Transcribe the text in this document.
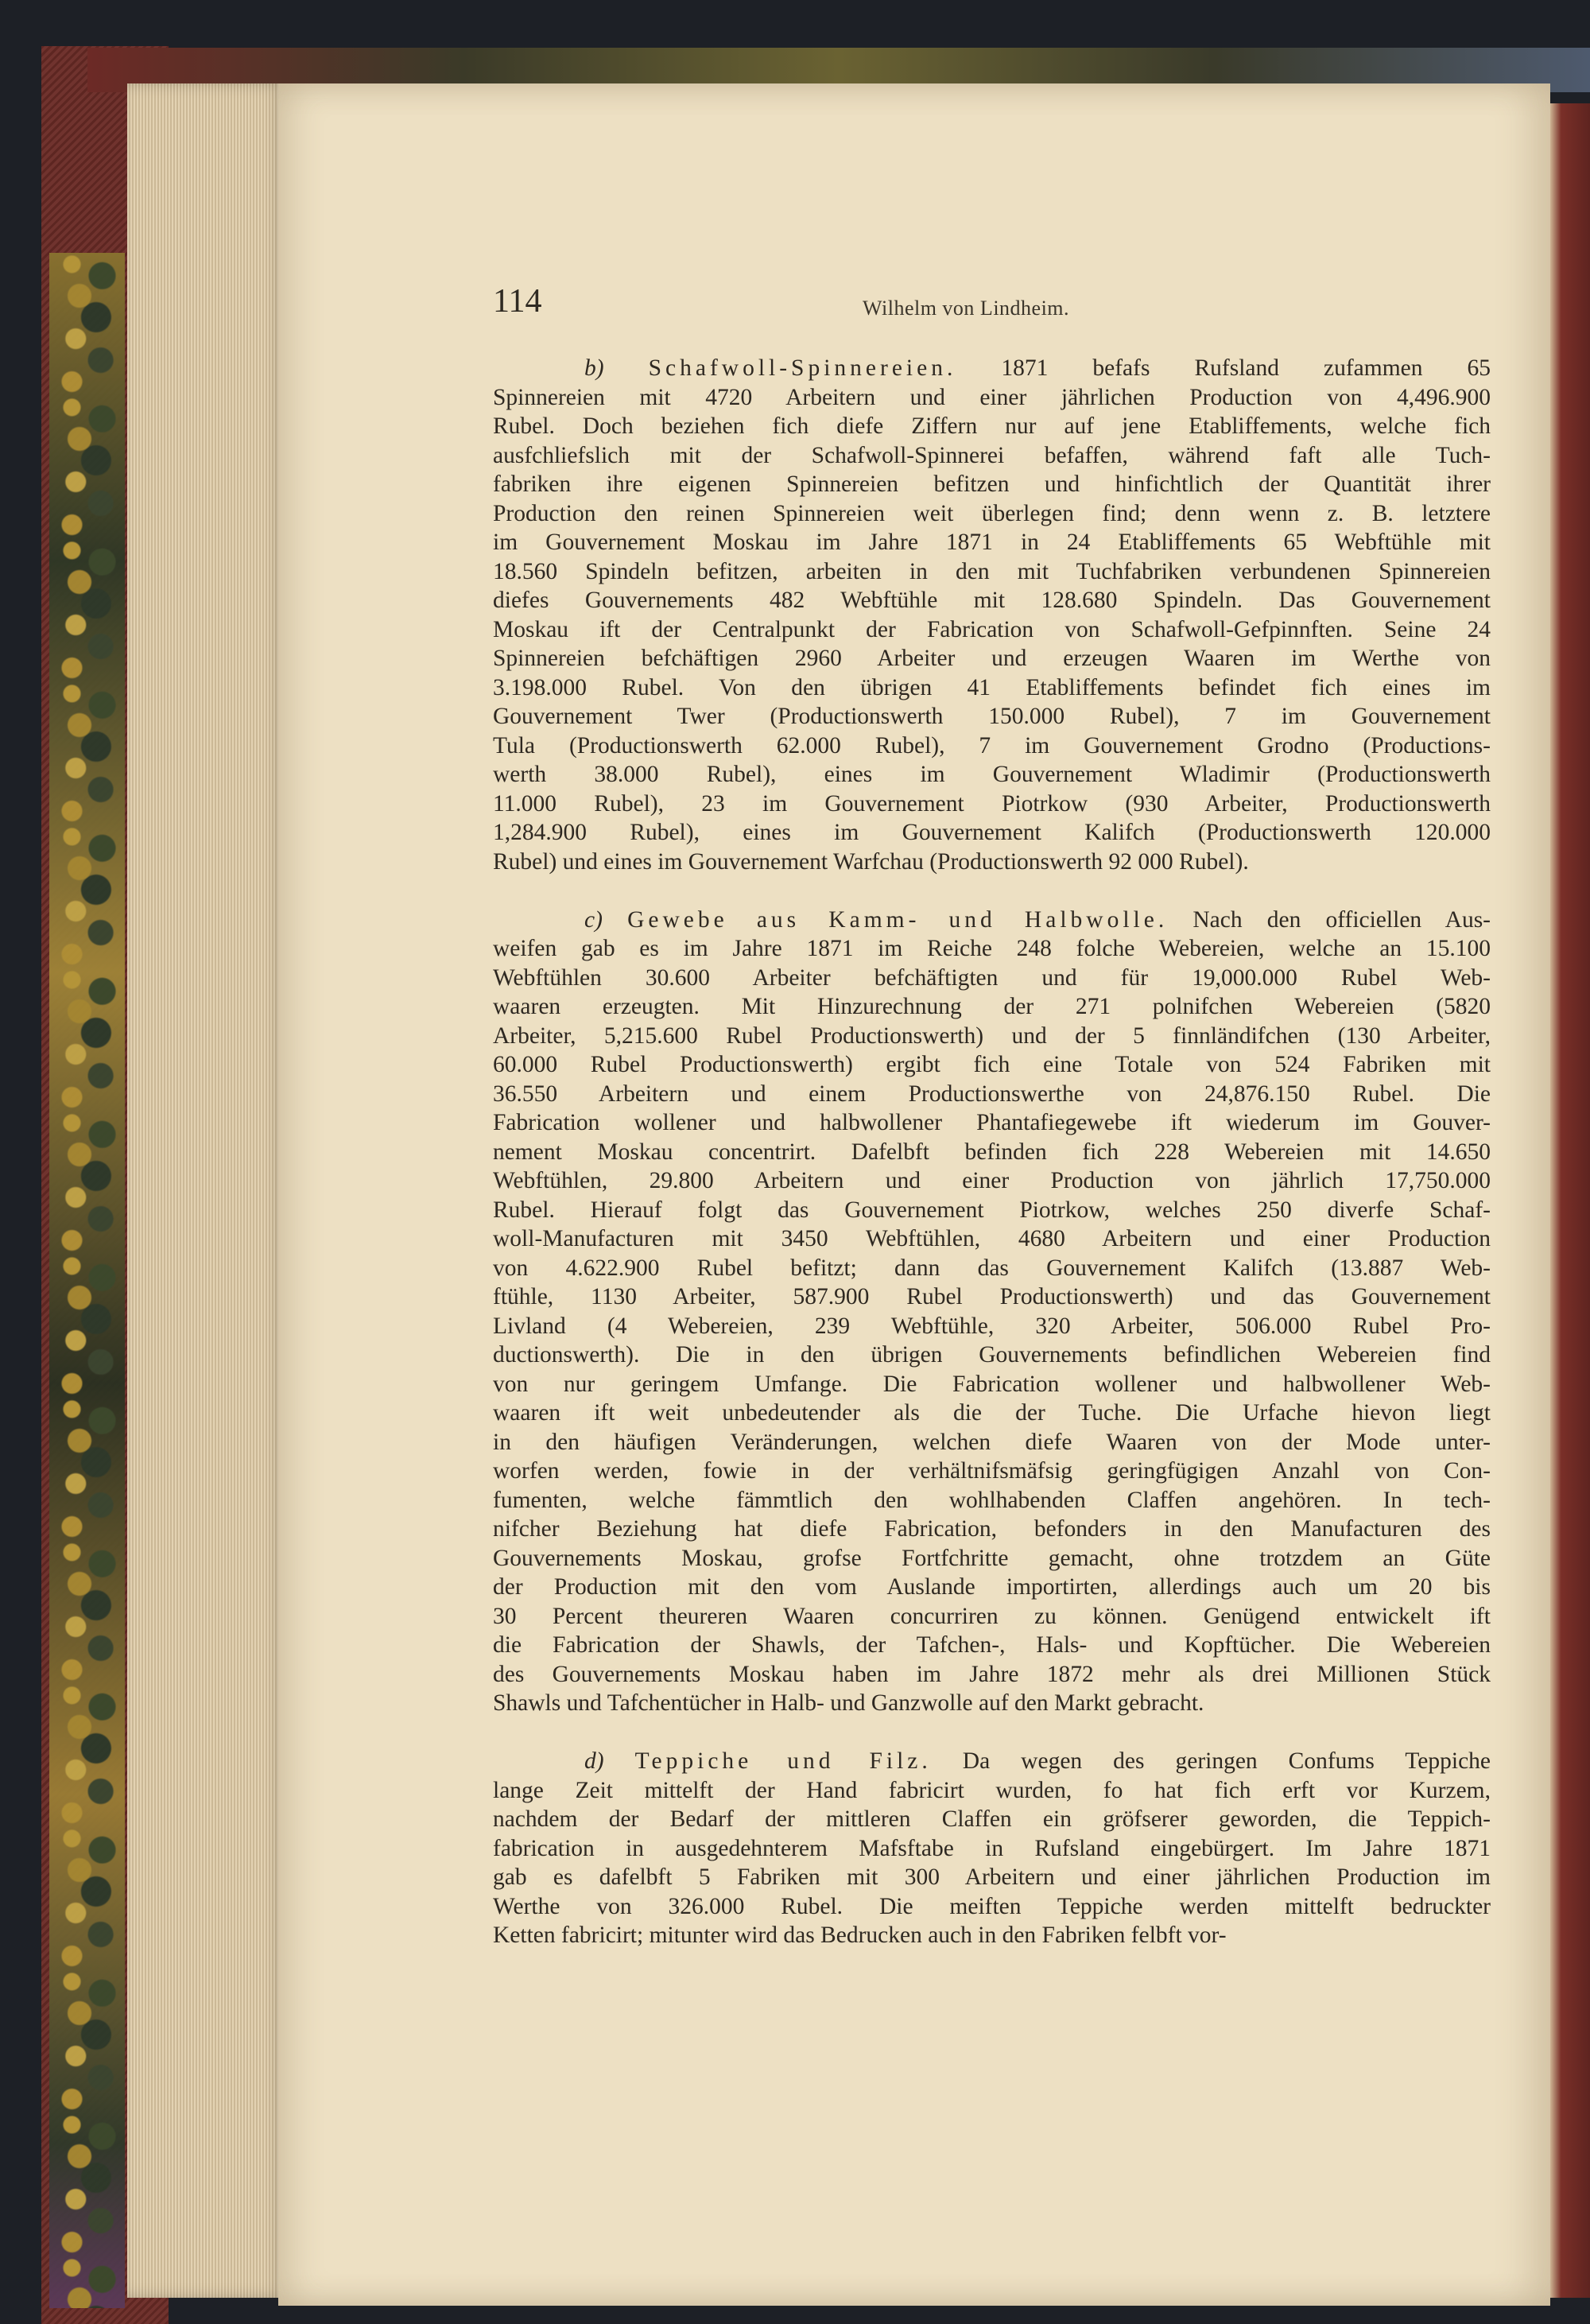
114	Wilhelm von Lindheim.
b) Schafwoll-Spinnereien. 1871 befafs Rufsland zufammen 65
Spinnereien mit 4720 Arbeitern und einer jährlichen Production von 4,496.900
Rubel. Doch beziehen fich diefe Ziffern nur auf jene Etabliffements, welche fich
ausfchliefslich mit der Schafwoll-Spinnerei befaffen, während faft alle Tuch-
fabriken ihre eigenen Spinnereien befitzen und hinfichtlich der Quantität ihrer
Production den reinen Spinnereien weit überlegen find; denn wenn z. B. letztere
im Gouvernement Moskau im Jahre 1871 in 24 Etabliffements 65 Webftühle mit
18.560 Spindeln befitzen, arbeiten in den mit Tuchfabriken verbundenen Spinnereien
diefes Gouvernements 482 Webftühle mit 128.680 Spindeln. Das Gouvernement
Moskau ift der Centralpunkt der Fabrication von Schafwoll-Gefpinnften. Seine 24
Spinnereien befchäftigen 2960 Arbeiter und erzeugen Waaren im Werthe von
3.198.000 Rubel. Von den übrigen 41 Etabliffements befindet fich eines im
Gouvernement Twer (Productionswerth 150.000 Rubel), 7 im Gouvernement
Tula (Productionswerth 62.000 Rubel), 7 im Gouvernement Grodno (Productions-
werth 38.000 Rubel), eines im Gouvernement Wladimir (Productionswerth
11.000 Rubel), 23 im Gouvernement Piotrkow (930 Arbeiter, Productionswerth
1,284.900 Rubel), eines im Gouvernement Kalifch (Productionswerth 120.000
Rubel) und eines im Gouvernement Warfchau (Productionswerth 92 000 Rubel).
c) Gewebe aus Kamm- und Halbwolle. Nach den officiellen Aus-
weifen gab es im Jahre 1871 im Reiche 248 folche Webereien, welche an 15.100
Webftühlen 30.600 Arbeiter befchäftigten und für 19,000.000 Rubel Web-
waaren erzeugten. Mit Hinzurechnung der 271 polnifchen Webereien (5820
Arbeiter, 5,215.600 Rubel Productionswerth) und der 5 finnländifchen (130 Arbeiter,
60.000 Rubel Productionswerth) ergibt fich eine Totale von 524 Fabriken mit
36.550 Arbeitern und einem Productionswerthe von 24,876.150 Rubel. Die
Fabrication wollener und halbwollener Phantafiegewebe ift wiederum im Gouver-
nement Moskau concentrirt. Dafelbft befinden fich 228 Webereien mit 14.650
Webftühlen, 29.800 Arbeitern und einer Production von jährlich 17,750.000
Rubel. Hierauf folgt das Gouvernement Piotrkow, welches 250 diverfe Schaf-
woll-Manufacturen mit 3450 Webftühlen, 4680 Arbeitern und einer Production
von 4.622.900 Rubel befitzt; dann das Gouvernement Kalifch (13.887 Web-
ftühle, 1130 Arbeiter, 587.900 Rubel Productionswerth) und das Gouvernement
Livland (4 Webereien, 239 Webftühle, 320 Arbeiter, 506.000 Rubel Pro-
ductionswerth). Die in den übrigen Gouvernements befindlichen Webereien find
von nur geringem Umfange. Die Fabrication wollener und halbwollener Web-
waaren ift weit unbedeutender als die der Tuche. Die Urfache hievon liegt
in den häufigen Veränderungen, welchen diefe Waaren von der Mode unter-
worfen werden, fowie in der verhältnifsmäfsig geringfügigen Anzahl von Con-
fumenten, welche fämmtlich den wohlhabenden Claffen angehören. In tech-
nifcher Beziehung hat diefe Fabrication, befonders in den Manufacturen des
Gouvernements Moskau, grofse Fortfchritte gemacht, ohne trotzdem an Güte
der Production mit den vom Auslande importirten, allerdings auch um 20 bis
30 Percent theureren Waaren concurriren zu können. Genügend entwickelt ift
die Fabrication der Shawls, der Tafchen-, Hals- und Kopftücher. Die Webereien
des Gouvernements Moskau haben im Jahre 1872 mehr als drei Millionen Stück
Shawls und Tafchentücher in Halb- und Ganzwolle auf den Markt gebracht.
d) Teppiche und Filz. Da wegen des geringen Confums Teppiche
lange Zeit mittelft der Hand fabricirt wurden, fo hat fich erft vor Kurzem,
nachdem der Bedarf der mittleren Claffen ein gröfserer geworden, die Teppich-
fabrication in ausgedehnterem Mafsftabe in Rufsland eingebürgert. Im Jahre 1871
gab es dafelbft 5 Fabriken mit 300 Arbeitern und einer jährlichen Production im
Werthe von 326.000 Rubel. Die meiften Teppiche werden mittelft bedruckter
Ketten fabricirt; mitunter wird das Bedrucken auch in den Fabriken felbft vor-
